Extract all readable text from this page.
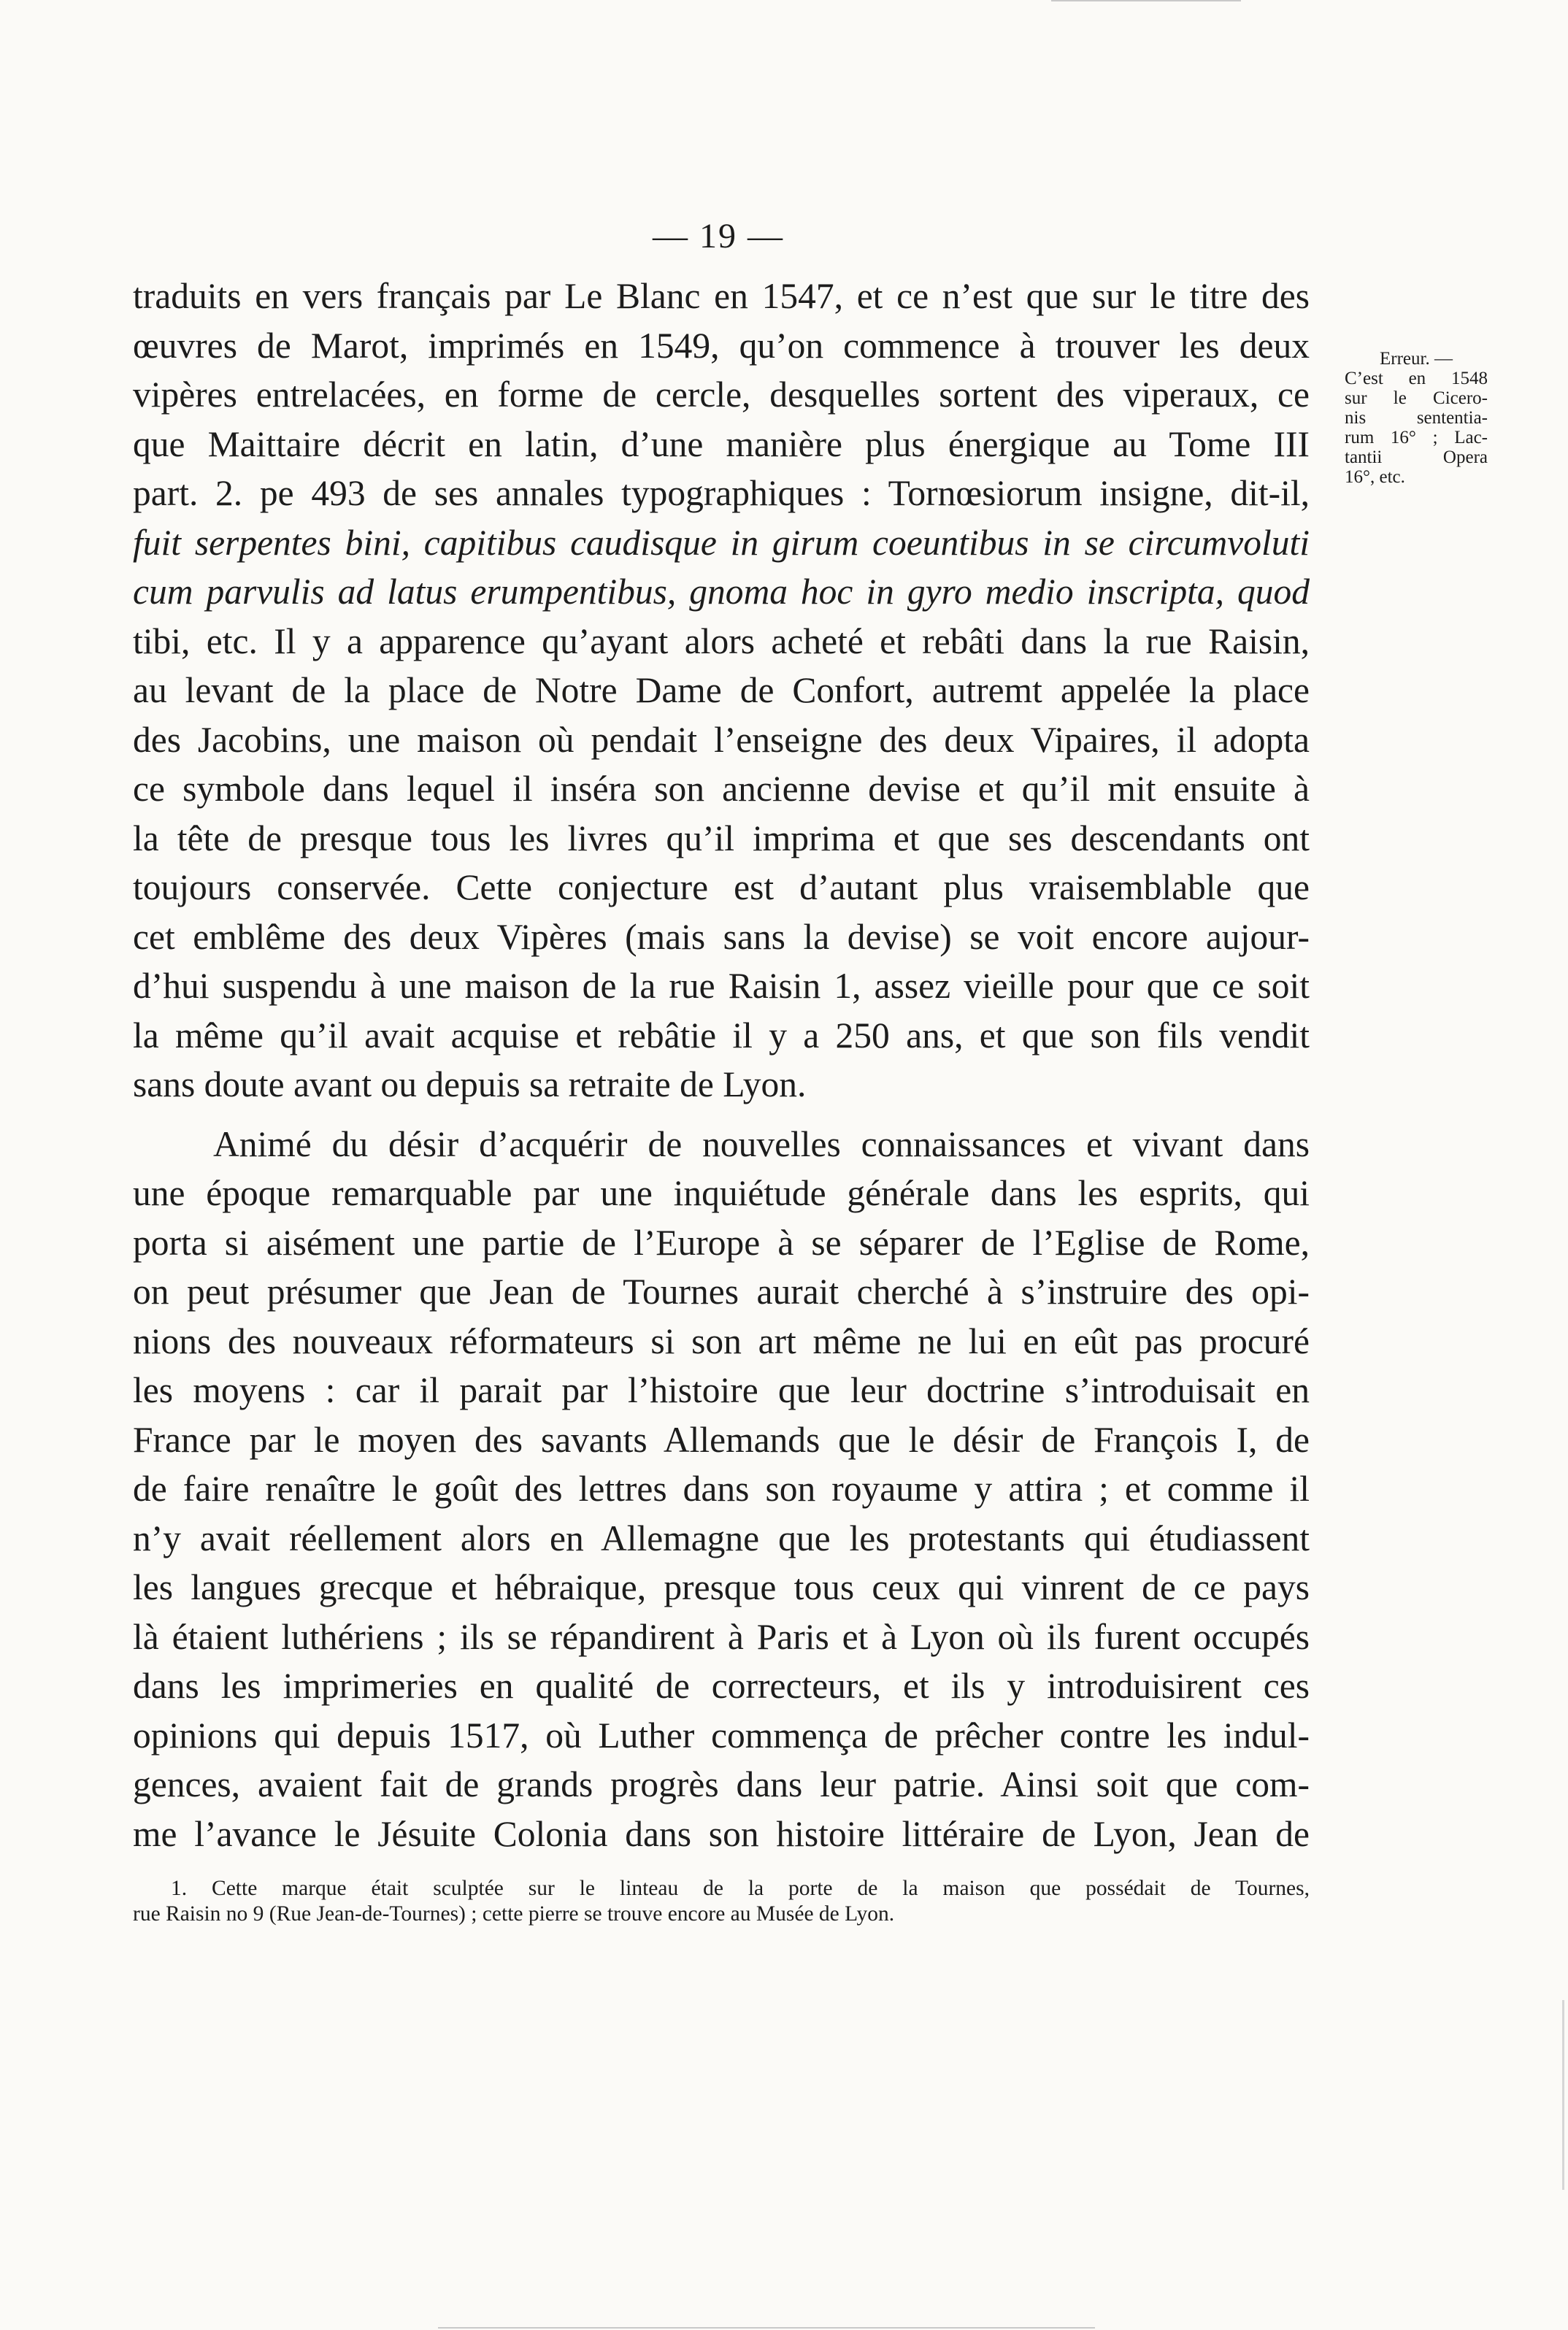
— 19 —
Erreur. —
C’est en 1548
sur le Cicero-
nis sententia-
rum 16° ; Lac-
tantii Opera
16°, etc.
traduits en vers français par Le Blanc en 1547, et ce n’est que sur le titre des
œuvres de Marot, imprimés en 1549, qu’on commence à trouver les deux
vipères entrelacées, en forme de cercle, desquelles sortent des viperaux, ce
que Maittaire décrit en latin, d’une manière plus énergique au Tome III
part. 2. pe 493 de ses annales typographiques : Tornœsiorum insigne, dit-il,
fuit serpentes bini, capitibus caudisque in girum coeuntibus in se circumvoluti
cum parvulis ad latus erumpentibus, gnoma hoc in gyro medio inscripta, quod
tibi, etc. Il y a apparence qu’ayant alors acheté et rebâti dans la rue Raisin,
au levant de la place de Notre Dame de Confort, autremt appelée la place
des Jacobins, une maison où pendait l’enseigne des deux Vipaires, il adopta
ce symbole dans lequel il inséra son ancienne devise et qu’il mit ensuite à
la tête de presque tous les livres qu’il imprima et que ses descendants ont
toujours conservée. Cette conjecture est d’autant plus vraisemblable que
cet emblême des deux Vipères (mais sans la devise) se voit encore aujour-
d’hui suspendu à une maison de la rue Raisin 1, assez vieille pour que ce soit
la même qu’il avait acquise et rebâtie il y a 250 ans, et que son fils vendit
sans doute avant ou depuis sa retraite de Lyon.
Animé du désir d’acquérir de nouvelles connaissances et vivant dans
une époque remarquable par une inquiétude générale dans les esprits, qui
porta si aisément une partie de l’Europe à se séparer de l’Eglise de Rome,
on peut présumer que Jean de Tournes aurait cherché à s’instruire des opi-
nions des nouveaux réformateurs si son art même ne lui en eût pas procuré
les moyens : car il parait par l’histoire que leur doctrine s’introduisait en
France par le moyen des savants Allemands que le désir de François I, de
de faire renaître le goût des lettres dans son royaume y attira ; et comme il
n’y avait réellement alors en Allemagne que les protestants qui étudiassent
les langues grecque et hébraique, presque tous ceux qui vinrent de ce pays
là étaient luthériens ; ils se répandirent à Paris et à Lyon où ils furent occupés
dans les imprimeries en qualité de correcteurs, et ils y introduisirent ces
opinions qui depuis 1517, où Luther commença de prêcher contre les indul-
gences, avaient fait de grands progrès dans leur patrie. Ainsi soit que com-
me l’avance le Jésuite Colonia dans son histoire littéraire de Lyon, Jean de
1. Cette marque était sculptée sur le linteau de la porte de la maison que possédait de Tournes,
rue Raisin no 9 (Rue Jean-de-Tournes) ; cette pierre se trouve encore au Musée de Lyon.
